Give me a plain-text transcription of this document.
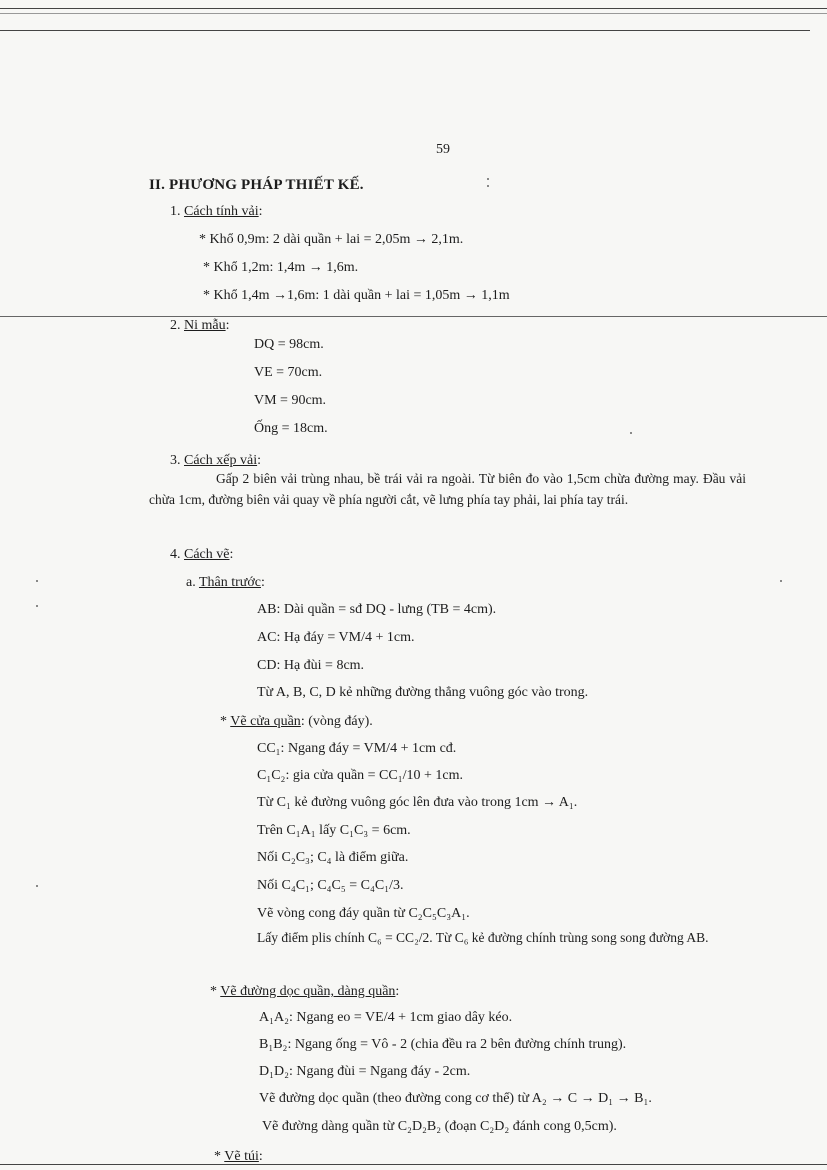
59
II. PHƯƠNG PHÁP THIẾT KẾ.
1. Cách tính vải:
* Khổ 0,9m: 2 dài quần + lai = 2,05m → 2,1m.
* Khổ 1,2m: 1,4m → 1,6m.
* Khổ 1,4m →1,6m: 1 dài quần + lai = 1,05m → 1,1m
2. Ni mẫu:
DQ = 98cm.
VE = 70cm.
VM = 90cm.
Ống = 18cm.
3. Cách xếp vải:
Gấp 2 biên vải trùng nhau, bề trái vải ra ngoài. Từ biên đo vào 1,5cm chừa đường may. Đầu vải chừa 1cm, đường biên vải quay về phía người cắt, vẽ lưng phía tay phải, lai phía tay trái.
4. Cách vẽ:
a. Thân trước:
AB: Dài quần = sđ DQ - lưng (TB = 4cm).
AC: Hạ đáy = VM/4 + 1cm.
CD: Hạ đùi = 8cm.
Từ A, B, C, D kẻ những đường thẳng vuông góc vào trong.
* Vẽ cửa quần: (vòng đáy).
CC₁: Ngang đáy = VM/4 + 1cm cđ.
C₁C₂: gia cửa quần = CC₁/10 + 1cm.
Từ C₁ kẻ đường vuông góc lên đưa vào trong 1cm → A₁.
Trên C₁A₁ lấy C₁C₃ = 6cm.
Nối C₂C₃; C₄ là điểm giữa.
Nối C₄C₁; C₄C₅ = C₄C₁/3.
Vẽ vòng cong đáy quần từ C₂C₅C₃A₁.
Lấy điểm plis chính C₆ = CC₂/2. Từ C₆ kẻ đường chính trùng song song đường AB.
* Vẽ đường dọc quần, dàng quần:
A₁A₂: Ngang eo = VE/4 + 1cm giao dây kéo.
B₁B₂: Ngang ống = Vô - 2 (chia đều ra 2 bên đường chính trung).
D₁D₂: Ngang đùi = Ngang đáy - 2cm.
Vẽ đường dọc quần (theo đường cong cơ thể) từ A₂ → C → D₁ → B₁.
Vẽ đường dàng quần từ C₂D₂B₂ (đoạn C₂D₂ đánh cong 0,5cm).
* Vẽ túi:
